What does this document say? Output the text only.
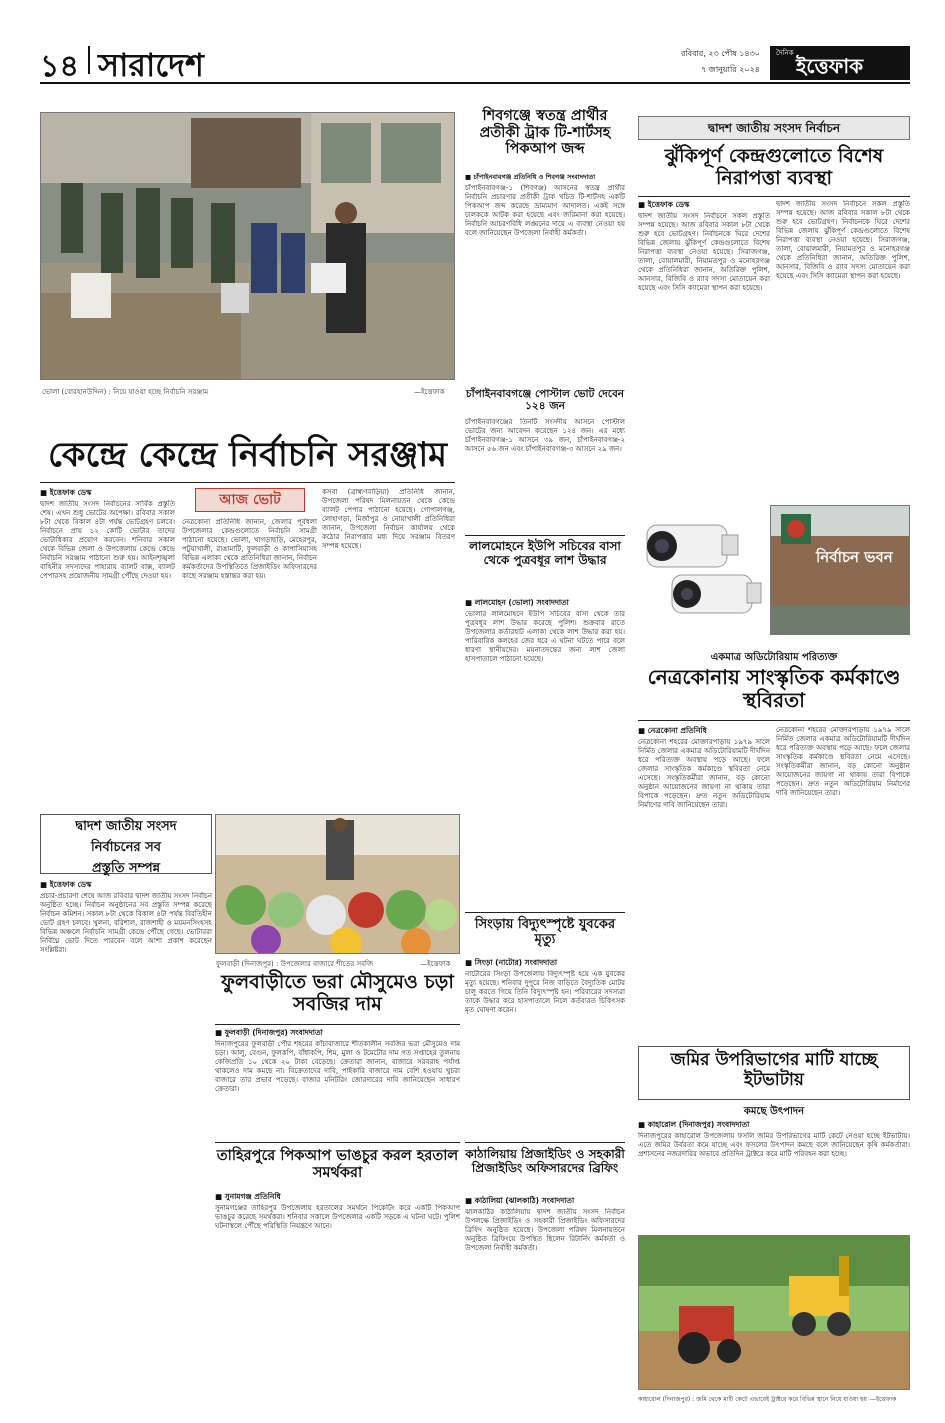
১৪ সারাদেশ	রবিবার, ২৩ পৌষ ১৪৩০
৭ জানুয়ারি ২০২৪
দৈনিক
ইত্তেফাক
ভোলা (বোরহানউদ্দিন) : নিয়ে যাওয়া হচ্ছে নির্বাচনি সরঞ্জাম	—ইত্তেফাক
কেন্দ্রে কেন্দ্রে নির্বাচনি সরঞ্জাম
■ ইত্তেফাক ডেস্ক
দ্বাদশ জাতীয় সংসদ নির্বাচনের সার্বিক প্রস্তুতি শেষ। এখন শুধু ভোটের অপেক্ষা। রবিবার সকাল ৮টা থেকে বিকাল ৪টা পর্যন্ত ভোটগ্রহণ চলবে। নির্বাচনে প্রায় ১২ কোটি ভোটার তাদের ভোটাধিকার প্রয়োগ করবেন। শনিবার সকাল থেকে বিভিন্ন জেলা ও উপজেলায় কেন্দ্রে কেন্দ্রে নির্বাচনি সরঞ্জাম পাঠানো শুরু হয়। আইনশৃঙ্খলা বাহিনীর সদস্যদের পাহারায় ব্যালট বাক্স, ব্যালট পেপারসহ প্রয়োজনীয় সামগ্রী পৌঁছে দেওয়া হয়।
আজ ভোট
নেত্রকোনা প্রতিনিধি জানান, জেলার পূর্বধলা উপজেলার কেন্দ্রগুলোতে নির্বাচনি সামগ্রী পাঠানো হয়েছে। ভোলা, খাগড়াছড়ি, মেহেরপুর, পটুয়াখালী, রাঙামাটি, ফুলবাড়ী ও কাপাসিয়াসহ বিভিন্ন এলাকা থেকে প্রতিনিধিরা জানান, নির্বাচন কর্মকর্তাদের উপস্থিতিতে প্রিজাইডিং অফিসারদের কাছে সরঞ্জাম হস্তান্তর করা হয়।
কসবা (ব্রাহ্মণবাড়িয়া) প্রতিনিধি জানান, উপজেলা পরিষদ মিলনায়তন থেকে কেন্দ্রে ব্যালট পেপার পাঠানো হয়েছে। গোপালগঞ্জ, লোহাগড়া, মির্জাপুর ও নোয়াখালী প্রতিনিধিরা জানান, উপজেলা নির্বাচন কার্যালয় থেকে কঠোর নিরাপত্তার মধ্য দিয়ে সরঞ্জাম বিতরণ সম্পন্ন হয়েছে।
শিবগঞ্জে স্বতন্ত্র প্রার্থীর প্রতীকী ট্রাক টি-শার্টসহ পিকআপ জব্দ
■ চাঁপাইনবাবগঞ্জ প্রতিনিধি ও শিবগঞ্জ সংবাদদাতা
চাঁপাইনবাবগঞ্জ-১ (শিবগঞ্জ) আসনের স্বতন্ত্র প্রার্থীর নির্বাচনি প্রচারণার প্রতীকী ট্রাক খচিত টি-শার্টসহ একটি পিকআপ জব্দ করেছে ভ্রাম্যমাণ আদালত। একই সঙ্গে চালককে আটক করা হয়েছে এবং জরিমানা করা হয়েছে। নির্বাচনি আচরণবিধি লঙ্ঘনের দায়ে এ ব্যবস্থা নেওয়া হয় বলে জানিয়েছেন উপজেলা নির্বাহী কর্মকর্তা।
চাঁপাইনবাবগঞ্জে পোস্টাল ভোট দেবেন ১২৪ জন
চাঁপাইনবাবগঞ্জের তিনটি সংসদীয় আসনে পোস্টাল ভোটের জন্য আবেদন করেছেন ১২৪ জন। এর মধ্যে চাঁপাইনবাবগঞ্জ-১ আসনে ৩৯ জন, চাঁপাইনবাবগঞ্জ-২ আসনে ৫৬ জন এবং চাঁপাইনবাবগঞ্জ-৩ আসনে ২৯ জন।
লালমোহনে ইউপি সচিবের বাসা থেকে পুত্রবধূর লাশ উদ্ধার
■ লালমোহন (ভোলা) সংবাদদাতা
ভোলার লালমোহনে ইউপি সচিবের বাসা থেকে তার পুত্রবধূর লাশ উদ্ধার করেছে পুলিশ। শুক্রবার রাতে উপজেলার কর্তারহাট এলাকা থেকে লাশ উদ্ধার করা হয়। পারিবারিক কলহের জের ধরে এ ঘটনা ঘটতে পারে বলে ধারণা স্থানীয়দের। ময়নাতদন্তের জন্য লাশ জেলা হাসপাতালে পাঠানো হয়েছে।
দ্বাদশ জাতীয় সংসদ নির্বাচন
ঝুঁকিপূর্ণ কেন্দ্রগুলোতে বিশেষ নিরাপত্তা ব্যবস্থা
■ ইত্তেফাক ডেস্ক
দ্বাদশ জাতীয় সংসদ নির্বাচনে সকল প্রস্তুতি সম্পন্ন হয়েছে। আজ রবিবার সকাল ৮টা থেকে শুরু হবে ভোটগ্রহণ। নির্বাচনকে ঘিরে দেশের বিভিন্ন জেলায় ঝুঁকিপূর্ণ কেন্দ্রগুলোতে বিশেষ নিরাপত্তা ব্যবস্থা নেওয়া হয়েছে। সিরাজগঞ্জ, তালা, বোয়ালমারী, নিয়ামতপুর ও মনোহরগঞ্জ থেকে প্রতিনিধিরা জানান, অতিরিক্ত পুলিশ, আনসার, বিজিবি ও র‍্যাব সদস্য মোতায়েন করা হয়েছে এবং সিসি ক্যামেরা স্থাপন করা হয়েছে।
দ্বাদশ জাতীয় সংসদ নির্বাচনে সকল প্রস্তুতি সম্পন্ন হয়েছে। আজ রবিবার সকাল ৮টা থেকে শুরু হবে ভোটগ্রহণ। নির্বাচনকে ঘিরে দেশের বিভিন্ন জেলায় ঝুঁকিপূর্ণ কেন্দ্রগুলোতে বিশেষ নিরাপত্তা ব্যবস্থা নেওয়া হয়েছে। সিরাজগঞ্জ, তালা, বোয়ালমারী, নিয়ামতপুর ও মনোহরগঞ্জ থেকে প্রতিনিধিরা জানান, অতিরিক্ত পুলিশ, আনসার, বিজিবি ও র‍্যাব সদস্য মোতায়েন করা হয়েছে এবং সিসি ক্যামেরা স্থাপন করা হয়েছে।
নির্বাচন ভবন
একমাত্র অডিটোরিয়াম পরিত্যক্ত
নেত্রকোনায় সাংস্কৃতিক কর্মকাণ্ডে স্থবিরতা
■ নেত্রকোনা প্রতিনিধি
নেত্রকোনা শহরের মোক্তারপাড়ায় ১৯৭৯ সালে নির্মিত জেলার একমাত্র অডিটোরিয়ামটি দীর্ঘদিন ধরে পরিত্যক্ত অবস্থায় পড়ে আছে। ফলে জেলার সাংস্কৃতিক কর্মকাণ্ডে স্থবিরতা নেমে এসেছে। সংস্কৃতিকর্মীরা জানান, বড় কোনো অনুষ্ঠান আয়োজনের জায়গা না থাকায় তারা বিপাকে পড়েছেন। দ্রুত নতুন অডিটোরিয়াম নির্মাণের দাবি জানিয়েছেন তারা।
নেত্রকোনা শহরের মোক্তারপাড়ায় ১৯৭৯ সালে নির্মিত জেলার একমাত্র অডিটোরিয়ামটি দীর্ঘদিন ধরে পরিত্যক্ত অবস্থায় পড়ে আছে। ফলে জেলার সাংস্কৃতিক কর্মকাণ্ডে স্থবিরতা নেমে এসেছে। সংস্কৃতিকর্মীরা জানান, বড় কোনো অনুষ্ঠান আয়োজনের জায়গা না থাকায় তারা বিপাকে পড়েছেন। দ্রুত নতুন অডিটোরিয়াম নির্মাণের দাবি জানিয়েছেন তারা।
দ্বাদশ জাতীয় সংসদ
নির্বাচনের সব
প্রস্তুতি সম্পন্ন
■ ইত্তেফাক ডেস্ক
প্রচার-প্রচারণা শেষে আজ রবিবার দ্বাদশ জাতীয় সংসদ নির্বাচন অনুষ্ঠিত হচ্ছে। নির্বাচন অনুষ্ঠানের সব প্রস্তুতি সম্পন্ন করেছে নির্বাচন কমিশন। সকাল ৮টা থেকে বিকাল ৪টা পর্যন্ত বিরতিহীন ভোট গ্রহণ চলবে। খুলনা, বরিশাল, রাজশাহী ও ময়মনসিংহসহ বিভিন্ন অঞ্চলে নির্বাচনি সামগ্রী কেন্দ্রে পৌঁছে গেছে। ভোটাররা নির্বিঘ্নে ভোট দিতে পারবেন বলে আশা প্রকাশ করেছেন সংশ্লিষ্টরা।
ফুলবাড়ী (দিনাজপুর) : উপজেলার বাজারে শীতের সবজি	—ইত্তেফাক
ফুলবাড়ীতে ভরা মৌসুমেও চড়া সবজির দাম
■ ফুলবাড়ী (দিনাজপুর) সংবাদদাতা
দিনাজপুরের ফুলবাড়ী পৌর শহরের কাঁচাবাজারে শীতকালীন সবজির ভরা মৌসুমেও দাম চড়া। আলু, বেগুন, ফুলকপি, বাঁধাকপি, শিম, মুলা ও টমেটোর দাম গত সপ্তাহের তুলনায় কেজিপ্রতি ১০ থেকে ২০ টাকা বেড়েছে। ক্রেতারা জানান, বাজারে সরবরাহ পর্যাপ্ত থাকলেও দাম কমছে না। বিক্রেতাদের দাবি, পাইকারি বাজারে দাম বেশি হওয়ায় খুচরা বাজারে তার প্রভাব পড়েছে। বাজার মনিটরিং জোরদারের দাবি জানিয়েছেন সাধারণ ক্রেতারা।
তাহিরপুরে পিকআপ ভাঙচুর করল হরতাল সমর্থকরা
■ সুনামগঞ্জ প্রতিনিধি
সুনামগঞ্জের তাহিরপুর উপজেলায় হরতালের সমর্থনে পিকেটিং করে একটি পিকআপ ভাঙচুর করেছে সমর্থকরা। শনিবার সকালে উপজেলার একটি সড়কে এ ঘটনা ঘটে। পুলিশ ঘটনাস্থলে পৌঁছে পরিস্থিতি নিয়ন্ত্রণে আনে।
সিংড়ায় বিদ্যুৎস্পৃষ্টে যুবকের মৃত্যু
■ সিংড়া (নাটোর) সংবাদদাতা
নাটোরের সিংড়া উপজেলায় বিদ্যুৎস্পৃষ্ট হয়ে এক যুবকের মৃত্যু হয়েছে। শনিবার দুপুরে নিজ বাড়িতে বৈদ্যুতিক মোটর চালু করতে গিয়ে তিনি বিদ্যুৎস্পৃষ্ট হন। পরিবারের সদস্যরা তাকে উদ্ধার করে হাসপাতালে নিলে কর্তব্যরত চিকিৎসক মৃত ঘোষণা করেন।
কাঠালিয়ায় প্রিজাইডিং ও সহকারী প্রিজাইডিং অফিসারদের ব্রিফিং
■ কাঠালিয়া (ঝালকাঠি) সংবাদদাতা
ঝালকাঠির কাঠালিয়ায় দ্বাদশ জাতীয় সংসদ নির্বাচন উপলক্ষে প্রিজাইডিং ও সহকারী প্রিজাইডিং অফিসারদের ব্রিফিং অনুষ্ঠিত হয়েছে। উপজেলা পরিষদ মিলনায়তনে অনুষ্ঠিত ব্রিফিংয়ে উপস্থিত ছিলেন রিটার্নিং কর্মকর্তা ও উপজেলা নির্বাহী কর্মকর্তা।
জমির উপরিভাগের মাটি যাচ্ছে ইটভাটায়
কমছে উৎপাদন
■ কাহারোল (দিনাজপুর) সংবাদদাতা
দিনাজপুরের কাহারোল উপজেলায় ফসলি জমির উপরিভাগের মাটি কেটে নেওয়া হচ্ছে ইটভাটায়। এতে জমির উর্বরতা কমে যাচ্ছে এবং ফসলের উৎপাদন কমছে বলে জানিয়েছেন কৃষি কর্মকর্তারা। প্রশাসনের নজরদারির অভাবে প্রতিদিন ট্রাক্টরে করে মাটি পরিবহন করা হচ্ছে।
কাহারোল (দিনাজপুর) : জমি থেকে মাটি কেটে এভাবেই ট্রাক্টরে করে বিভিন্ন স্থানে নিয়ে যাওয়া হয় —ইত্তেফাক
